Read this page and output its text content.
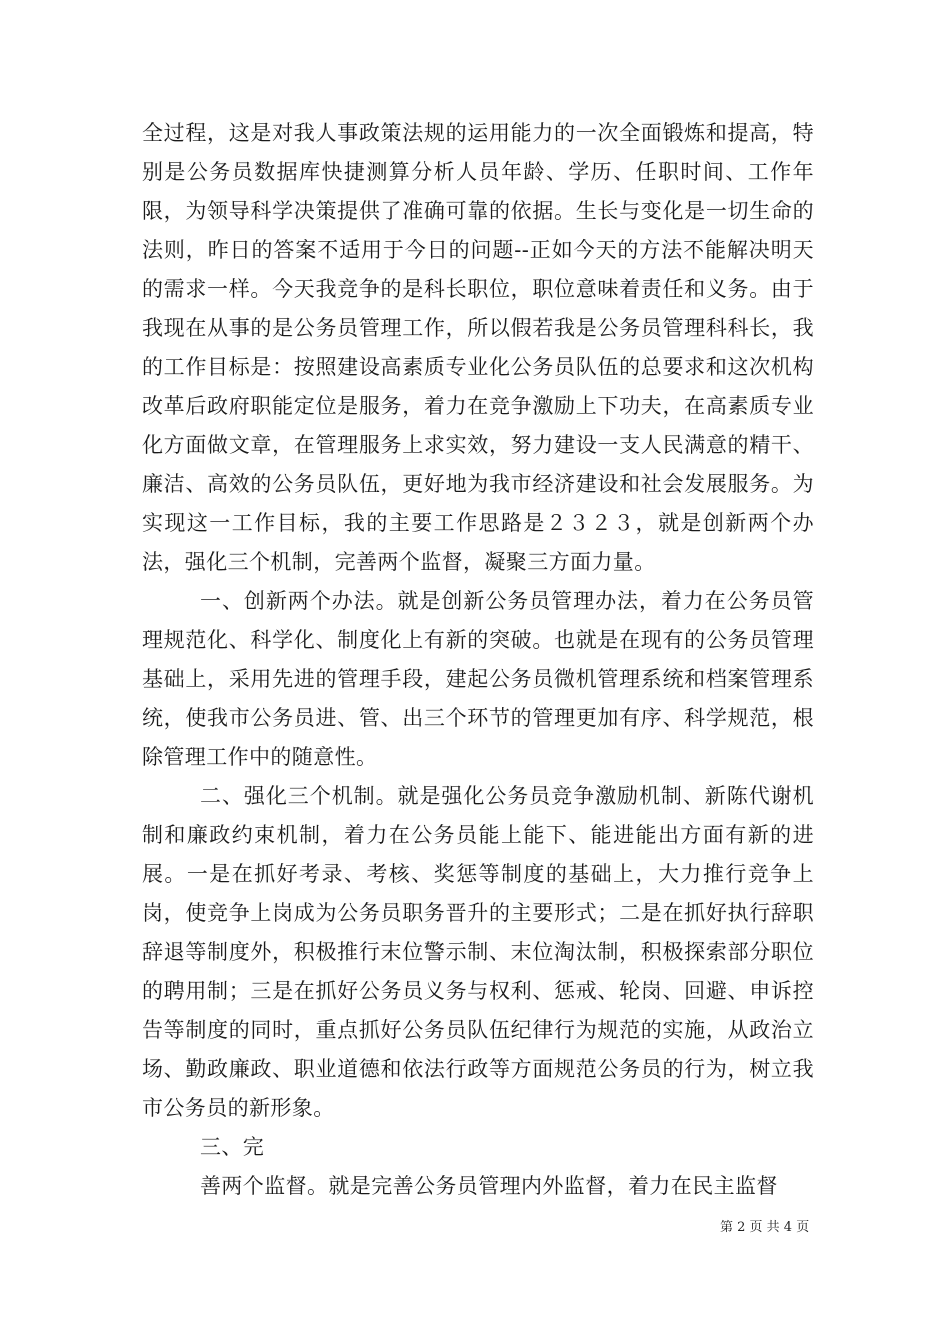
全过程，这是对我人事政策法规的运用能力的一次全面锻炼和提高，特别是公务员数据库快捷测算分析人员年龄、学历、任职时间、工作年限，为领导科学决策提供了准确可靠的依据。生长与变化是一切生命的法则，昨日的答案不适用于今日的问题--正如今天的方法不能解决明天的需求一样。今天我竞争的是科长职位，职位意味着责任和义务。由于我现在从事的是公务员管理工作，所以假若我是公务员管理科科长，我的工作目标是：按照建设高素质专业化公务员队伍的总要求和这次机构改革后政府职能定位是服务，着力在竞争激励上下功夫，在高素质专业化方面做文章，在管理服务上求实效，努力建设一支人民满意的精干、廉洁、高效的公务员队伍，更好地为我市经济建设和社会发展服务。为实现这一工作目标，我的主要工作思路是２３２３，就是创新两个办法，强化三个机制，完善两个监督，凝聚三方面力量。

一、创新两个办法。就是创新公务员管理办法，着力在公务员管理规范化、科学化、制度化上有新的突破。也就是在现有的公务员管理基础上，采用先进的管理手段，建起公务员微机管理系统和档案管理系统，使我市公务员进、管、出三个环节的管理更加有序、科学规范，根除管理工作中的随意性。

二、强化三个机制。就是强化公务员竞争激励机制、新陈代谢机制和廉政约束机制，着力在公务员能上能下、能进能出方面有新的进展。一是在抓好考录、考核、奖惩等制度的基础上，大力推行竞争上岗，使竞争上岗成为公务员职务晋升的主要形式；二是在抓好执行辞职辞退等制度外，积极推行末位警示制、末位淘汰制，积极探索部分职位的聘用制；三是在抓好公务员义务与权利、惩戒、轮岗、回避、申诉控告等制度的同时，重点抓好公务员队伍纪律行为规范的实施，从政治立场、勤政廉政、职业道德和依法行政等方面规范公务员的行为，树立我市公务员的新形象。

三、完

善两个监督。就是完善公务员管理内外监督，着力在民主监督

第 2 页 共 4 页
